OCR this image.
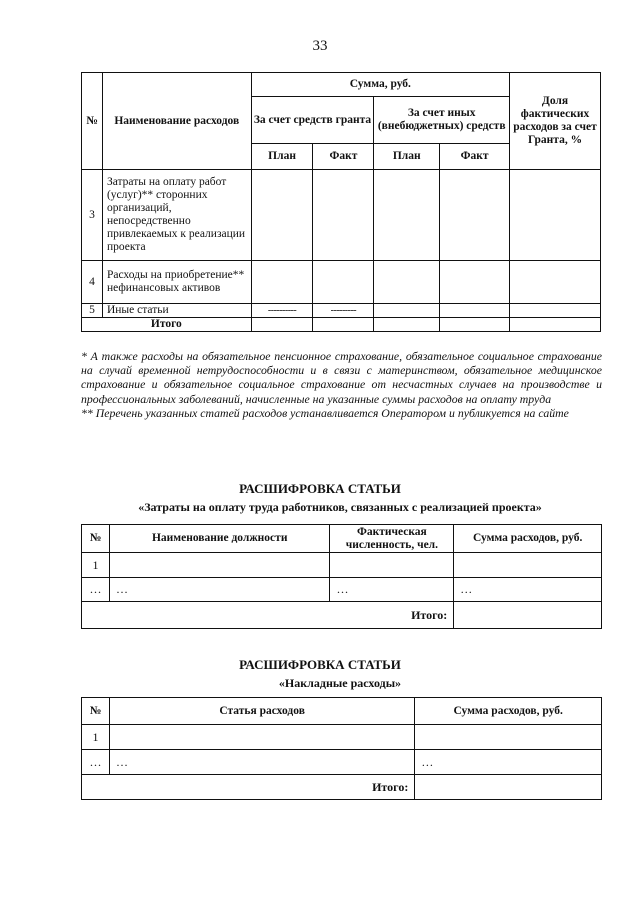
33
№	Наименование расходов	Сумма, руб.				Доля фактических расходов за счет Гранта, %
		За счет средств гранта		За счет иных (внебюджетных) средств		
		План	Факт	План	Факт	
3	Затраты на оплату работ (услуг)** сторонних организаций, непосредственно привлекаемых к реализации проекта					
4	Расходы на приобретение** нефинансовых активов					
5	Иные статьи	----------	---------			
Итого						

* А также расходы на обязательное пенсионное страхование, обязательное социальное страхование на случай временной нетрудоспособности и в связи с материнством, обязательное медицинское страхование и обязательное социальное страхование от несчастных случаев на производстве и профессиональных заболеваний, начисленные на указанные суммы расходов на оплату труда

** Перечень указанных статей расходов устанавливается Оператором и публикуется на сайте

РАСШИФРОВКА СТАТЬИ
«Затраты на оплату труда работников, связанных с реализацией проекта»
№	Наименование должности	Фактическая численность, чел.	Сумма расходов, руб.
1			
…	…	…	…
Итого:			
РАСШИФРОВКА СТАТЬИ
«Накладные расходы»
№	Статья расходов	Сумма расходов, руб.
1		
…	…	…
Итого:		
